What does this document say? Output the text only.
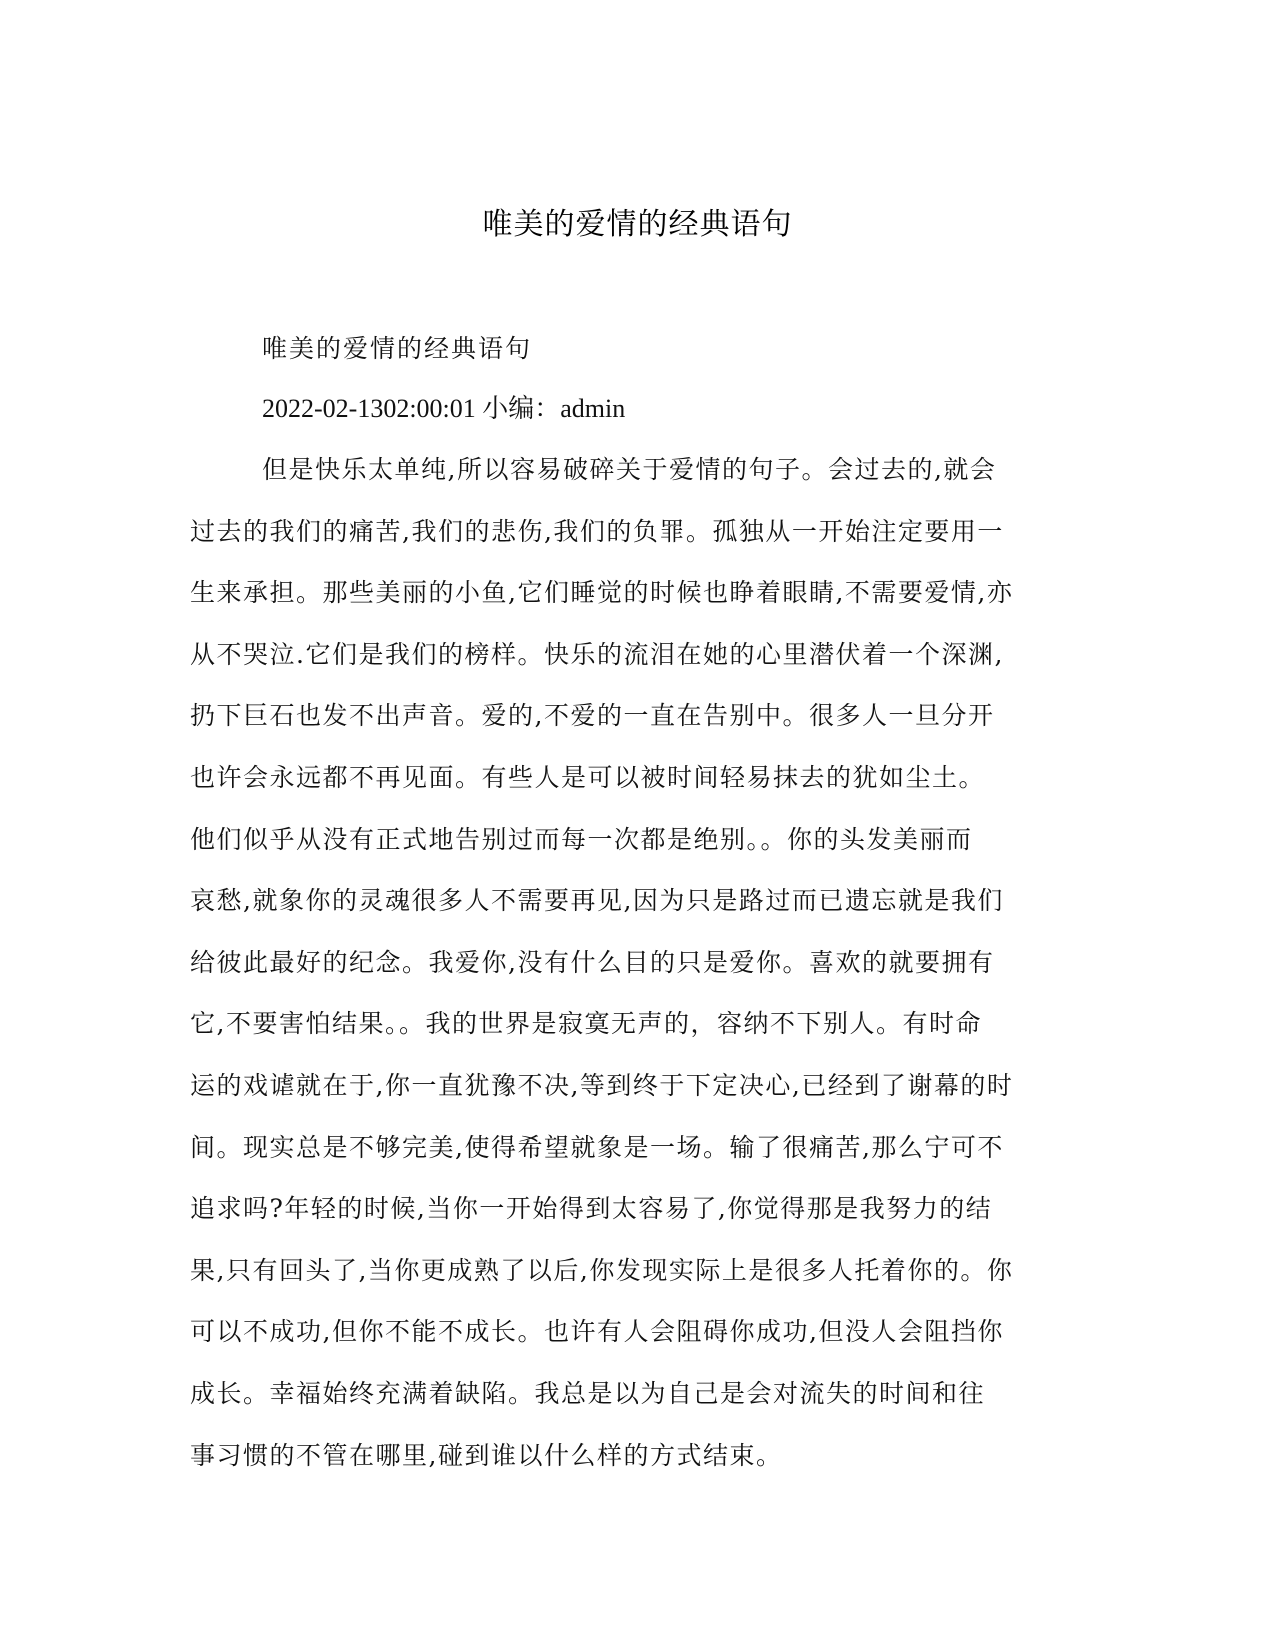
唯美的爱情的经典语句
唯美的爱情的经典语句
2022-02-1302:00:01 小编：admin
但是快乐太单纯,所以容易破碎关于爱情的句子。会过去的,就会
过去的我们的痛苦,我们的悲伤,我们的负罪。孤独从一开始注定要用一
生来承担。那些美丽的小鱼,它们睡觉的时候也睁着眼睛,不需要爱情,亦
从不哭泣.它们是我们的榜样。快乐的流泪在她的心里潜伏着一个深渊,
扔下巨石也发不出声音。爱的,不爱的一直在告别中。很多人一旦分开
也许会永远都不再见面。有些人是可以被时间轻易抹去的犹如尘土。
他们似乎从没有正式地告别过而每一次都是绝别。。你的头发美丽而
哀愁,就象你的灵魂很多人不需要再见,因为只是路过而已遗忘就是我们
给彼此最好的纪念。我爱你,没有什么目的只是爱你。喜欢的就要拥有
它,不要害怕结果。。我的世界是寂寞无声的，容纳不下别人。有时命
运的戏谑就在于,你一直犹豫不决,等到终于下定决心,已经到了谢幕的时
间。现实总是不够完美,使得希望就象是一场。输了很痛苦,那么宁可不
追求吗?年轻的时候,当你一开始得到太容易了,你觉得那是我努力的结
果,只有回头了,当你更成熟了以后,你发现实际上是很多人托着你的。你
可以不成功,但你不能不成长。也许有人会阻碍你成功,但没人会阻挡你
成长。幸福始终充满着缺陷。我总是以为自己是会对流失的时间和往
事习惯的不管在哪里,碰到谁以什么样的方式结束。
